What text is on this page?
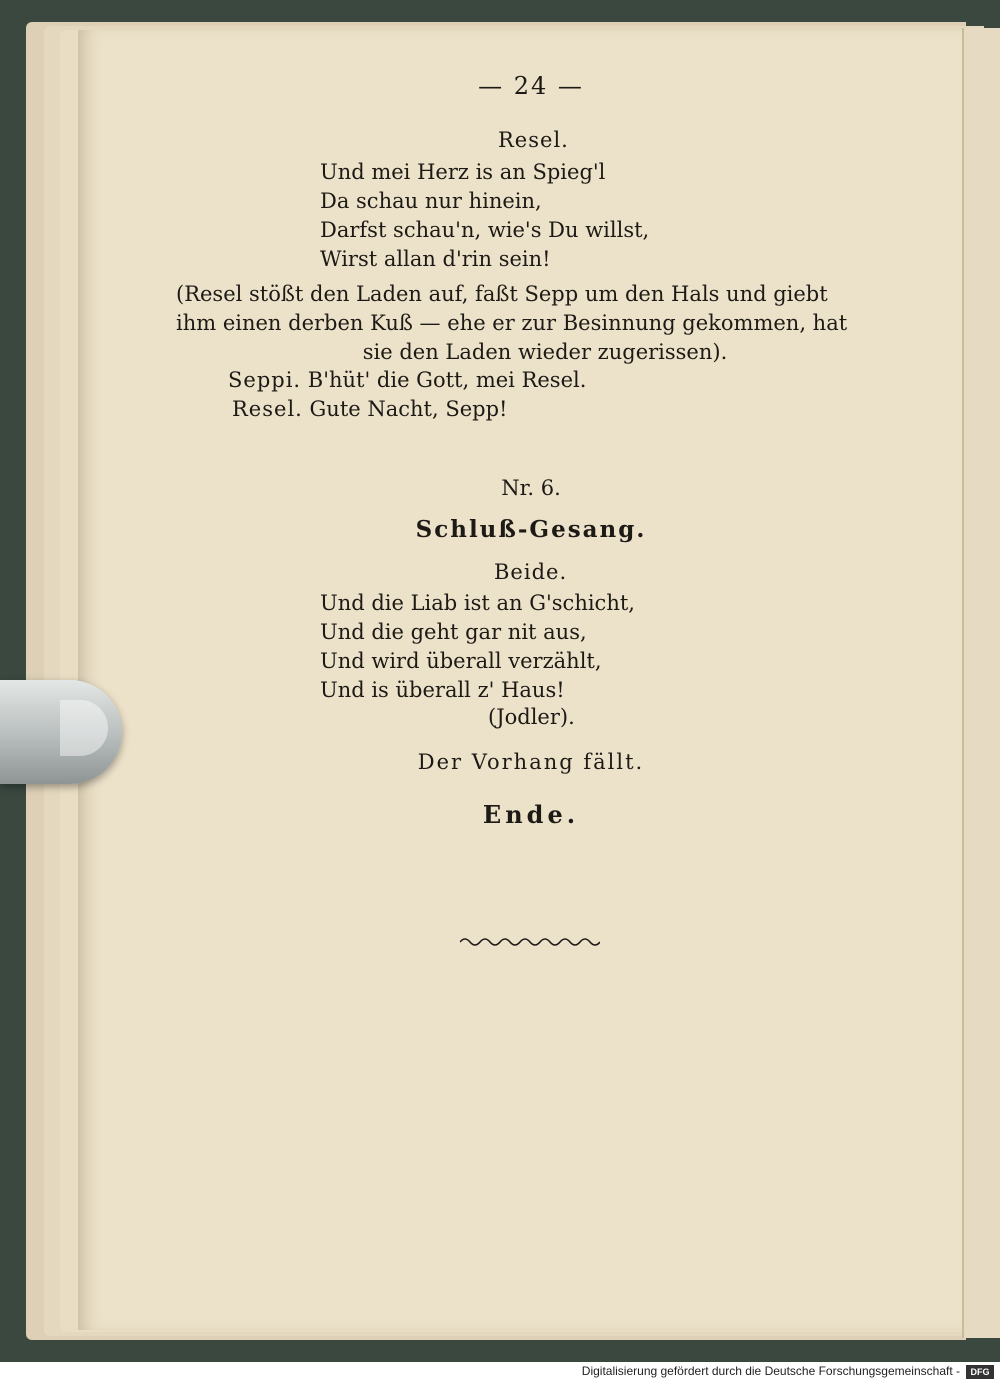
— 24 —
Resel.
Und mei Herz is an Spieg'l
Da schau nur hinein,
Darfst schau'n, wie's Du willst,
Wirst allan d'rin sein!
(Resel stößt den Laden auf, faßt Sepp um den Hals und giebt
ihm einen derben Kuß — ehe er zur Besinnung gekommen, hat
sie den Laden wieder zugerissen).
Seppi. B'hüt' die Gott, mei Resel.
Resel. Gute Nacht, Sepp!
Nr. 6.
Schluß-Gesang.
Beide.
Und die Liab ist an G'schicht,
Und die geht gar nit aus,
Und wird überall verzählt,
Und is überall z' Haus!
(Jodler).
Der Vorhang fällt.
Ende.
Digitalisierung gefördert durch die Deutsche Forschungsgemeinschaft -	DFG
